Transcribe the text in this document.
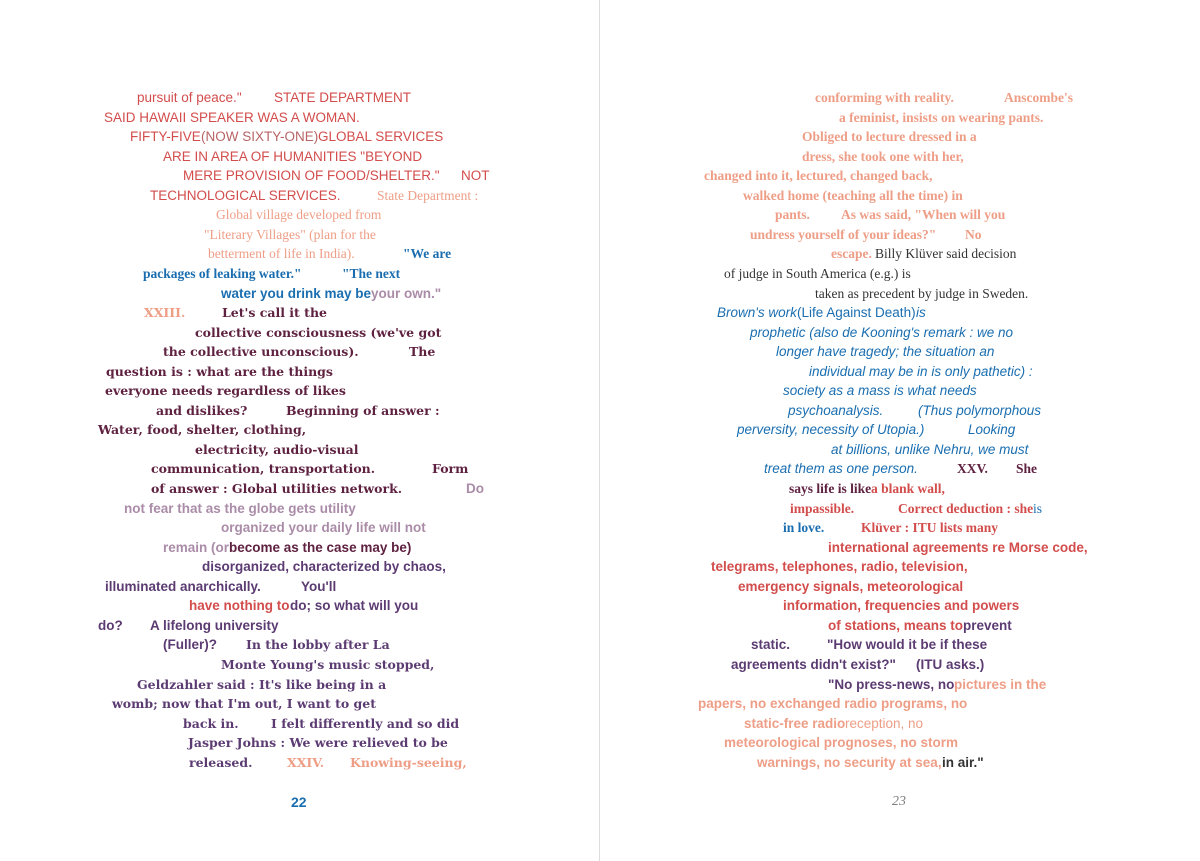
pursuit of peace." STATE DEPARTMENT
SAID HAWAII SPEAKER WAS A WOMAN.
FIFTY-FIVE (NOW SIXTY-ONE) GLOBAL SERVICES
ARE IN AREA OF HUMANITIES "BEYOND
MERE PROVISION OF FOOD/SHELTER." NOT
TECHNOLOGICAL SERVICES.	State Department :
Global village developed from
"Literary Villages" (plan for the
betterment of life in India).	"We are
packages of leaking water."	"The next
water you drink may be your own."
XXIII.	Let's call it the
collective consciousness (we've got
the collective unconscious).	The
question is : what are the things
everyone needs regardless of likes
and dislikes?	Beginning of answer :
Water, food, shelter, clothing,
electricity, audio-visual
communication, transportation.	Form
of answer : Global utilities network.	Do
not fear that as the globe gets utility
organized your daily life will not
remain (or become as the case may be)
disorganized, characterized by chaos,
illuminated anarchically.	You'll
have nothing to do; so what will you
do? A lifelong university
(Fuller)? In the lobby after La
Monte Young's music stopped,
Geldzahler said : It's like being in a
womb; now that I'm out, I want to get
back in.	I felt differently and so did
Jasper Johns : We were relieved to be
released.	XXIV. Knowing-seeing,
22
conforming with reality.	Anscombe's
a feminist, insists on wearing pants.
Obliged to lecture dressed in a
dress, she took one with her,
changed into it, lectured, changed back,
walked home (teaching all the time) in
pants. As was said, "When will you
undress yourself of your ideas?" No
escape. Billy Klüver said decision
of judge in South America (e.g.) is
taken as precedent by judge in Sweden.
Brown's work (Life Against Death) is
prophetic (also de Kooning's remark : we no
longer have tragedy; the situation an
individual may be in is only pathetic) :
society as a mass is what needs
psychoanalysis.	(Thus polymorphous
perversity, necessity of Utopia.)	Looking
at billions, unlike Nehru, we must
treat them as one person.	XXV. She
says life is like a blank wall,
impassible.	Correct deduction : she is
in love.	Klüver : ITU lists many
international agreements re Morse code,
telegrams, telephones, radio, television,
emergency signals, meteorological
information, frequencies and powers
of stations, means to prevent
static.	"How would it be if these
agreements didn't exist?" (ITU asks.)
"No press-news, no pictures in the
papers, no exchanged radio programs, no
static-free radio reception, no
meteorological prognoses, no storm
warnings, no security at sea, in air."
23
